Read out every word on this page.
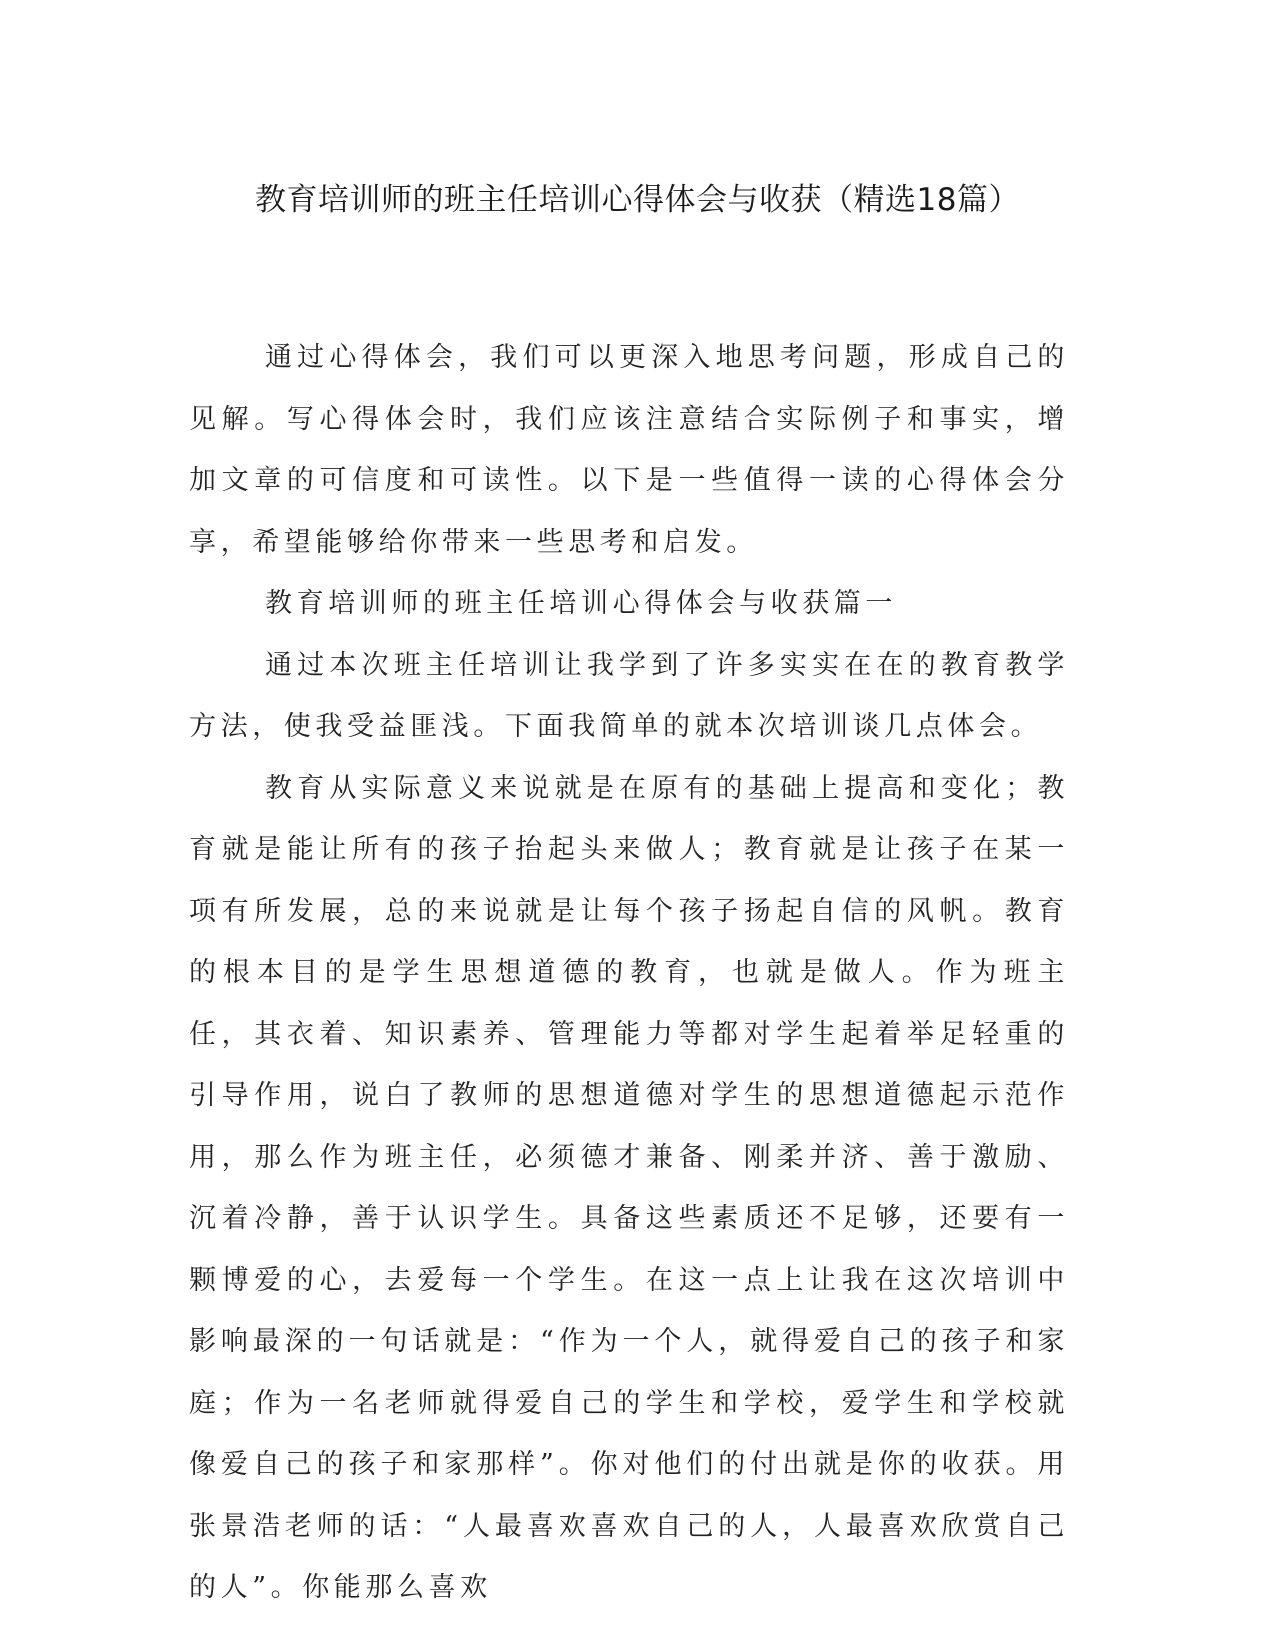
教育培训师的班主任培训心得体会与收获（精选18篇）

通过心得体会，我们可以更深入地思考问题，形成自己的见解。写心得体会时，我们应该注意结合实际例子和事实，增加文章的可信度和可读性。以下是一些值得一读的心得体会分享，希望能够给你带来一些思考和启发。

教育培训师的班主任培训心得体会与收获篇一

通过本次班主任培训让我学到了许多实实在在的教育教学方法，使我受益匪浅。下面我简单的就本次培训谈几点体会。

教育从实际意义来说就是在原有的基础上提高和变化；教育就是能让所有的孩子抬起头来做人；教育就是让孩子在某一项有所发展，总的来说就是让每个孩子扬起自信的风帆。教育的根本目的是学生思想道德的教育，也就是做人。作为班主任，其衣着、知识素养、管理能力等都对学生起着举足轻重的引导作用，说白了教师的思想道德对学生的思想道德起示范作用，那么作为班主任，必须德才兼备、刚柔并济、善于激励、沉着冷静，善于认识学生。具备这些素质还不足够，还要有一颗博爱的心，去爱每一个学生。在这一点上让我在这次培训中影响最深的一句话就是：“作为一个人，就得爱自己的孩子和家庭；作为一名老师就得爱自己的学生和学校，爱学生和学校就像爱自己的孩子和家那样”。你对他们的付出就是你的收获。用张景浩老师的话：“人最喜欢喜欢自己的人，人最喜欢欣赏自己的人”。你能那么喜欢
